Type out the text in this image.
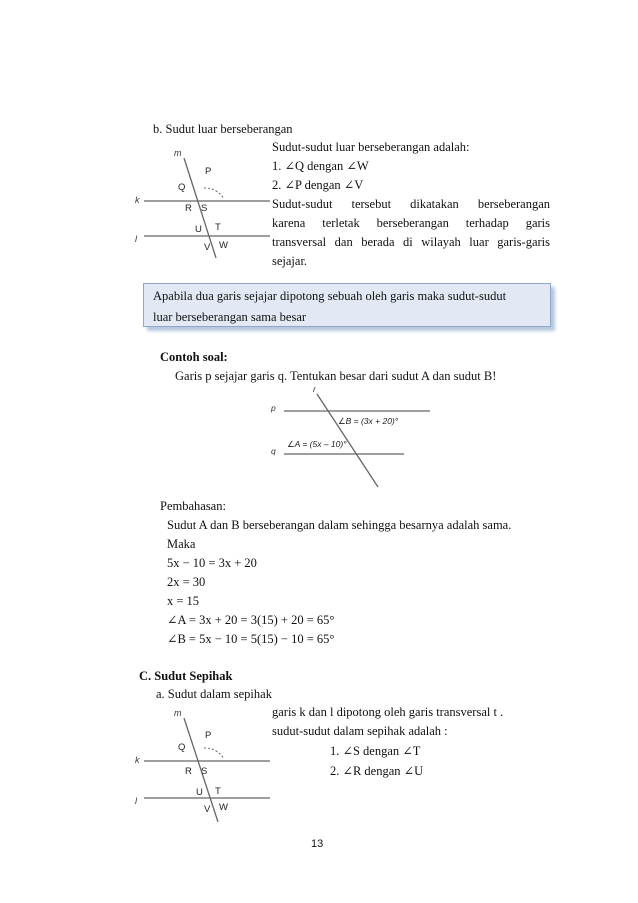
b. Sudut luar berseberangan
m
k
l
P
Q
R S
U T
V W
Sudut-sudut luar berseberangan adalah:
1. ∠Q dengan ∠W
2. ∠P dengan ∠V
Sudut-sudut tersebut dikatakan berseberangan
karena terletak berseberangan terhadap garis
transversal dan berada di wilayah luar garis-garis
sejajar.
Apabila dua garis sejajar dipotong sebuah oleh garis maka sudut-sudut
luar berseberangan sama besar
Contoh soal:
Garis p sejajar garis q. Tentukan besar dari sudut A dan sudut B!
r
p
q
∠B = (3x + 20)°
∠A = (5x – 10)°
Pembahasan:
Sudut A dan B berseberangan dalam sehingga besarnya adalah sama.
Maka
5x − 10 = 3x + 20
2x = 30
x = 15
∠A = 3x + 20 = 3(15) + 20 = 65°
∠B = 5x − 10 = 5(15) − 10 = 65°
C. Sudut Sepihak
a. Sudut dalam sepihak
garis k dan l dipotong oleh garis transversal t .
sudut-sudut dalam sepihak adalah :
1. ∠S dengan ∠T
2. ∠R dengan ∠U
m
k
l
P
Q
R S
U T
V W
13
